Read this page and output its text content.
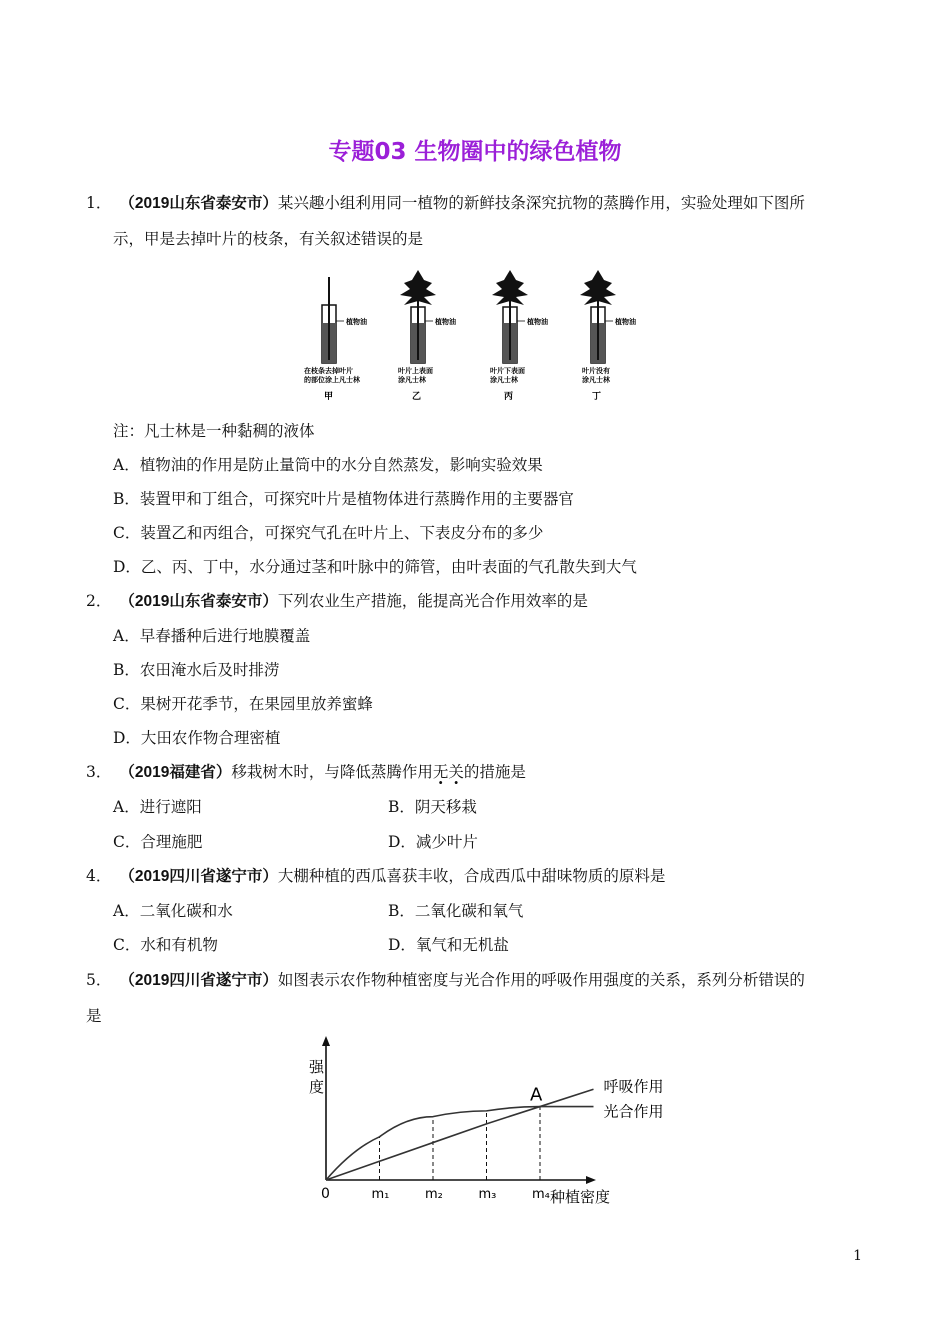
专题03 生物圈中的绿色植物
1． （2019山东省泰安市）某兴趣小组利用同一植物的新鲜技条深究抗物的蒸腾作用，实验处理如下图所
示，甲是去掉叶片的枝条，有关叙述错误的是
植物油
在枝条去掉叶片
的部位涂上凡士林
甲
植物油
叶片上表面
涂凡士林
乙
植物油
叶片下表面
涂凡士林
丙
植物油
叶片没有
涂凡士林
丁
注：凡士林是一种黏稠的液体
A．植物油的作用是防止量筒中的水分自然蒸发，影响实验效果
B．装置甲和丁组合，可探究叶片是植物体进行蒸腾作用的主要器官
C．装置乙和丙组合，可探究气孔在叶片上、下表皮分布的多少
D．乙、丙、丁中，水分通过茎和叶脉中的筛管，由叶表面的气孔散失到大气
2． （2019山东省泰安市）下列农业生产措施，能提高光合作用效率的是
A．早春播种后进行地膜覆盖
B．农田淹水后及时排涝
C．果树开花季节，在果园里放养蜜蜂
D．大田农作物合理密植
3． （2019福建省）移栽树木时，与降低蒸腾作用无关的措施是
A．进行遮阳	B．阴天移栽
C．合理施肥	D．减少叶片
4． （2019四川省遂宁市）大棚种植的西瓜喜获丰收，合成西瓜中甜味物质的原料是
A．二氧化碳和水	B．二氧化碳和氧气
C．水和有机物	D．氧气和无机盐
5． （2019四川省遂宁市）如图表示农作物种植密度与光合作用的呼吸作用强度的关系，系列分析错误的
是
强
度
0	种植密度
m₁	m₂	m₃	m₄
呼吸作用
光合作用
A
1
